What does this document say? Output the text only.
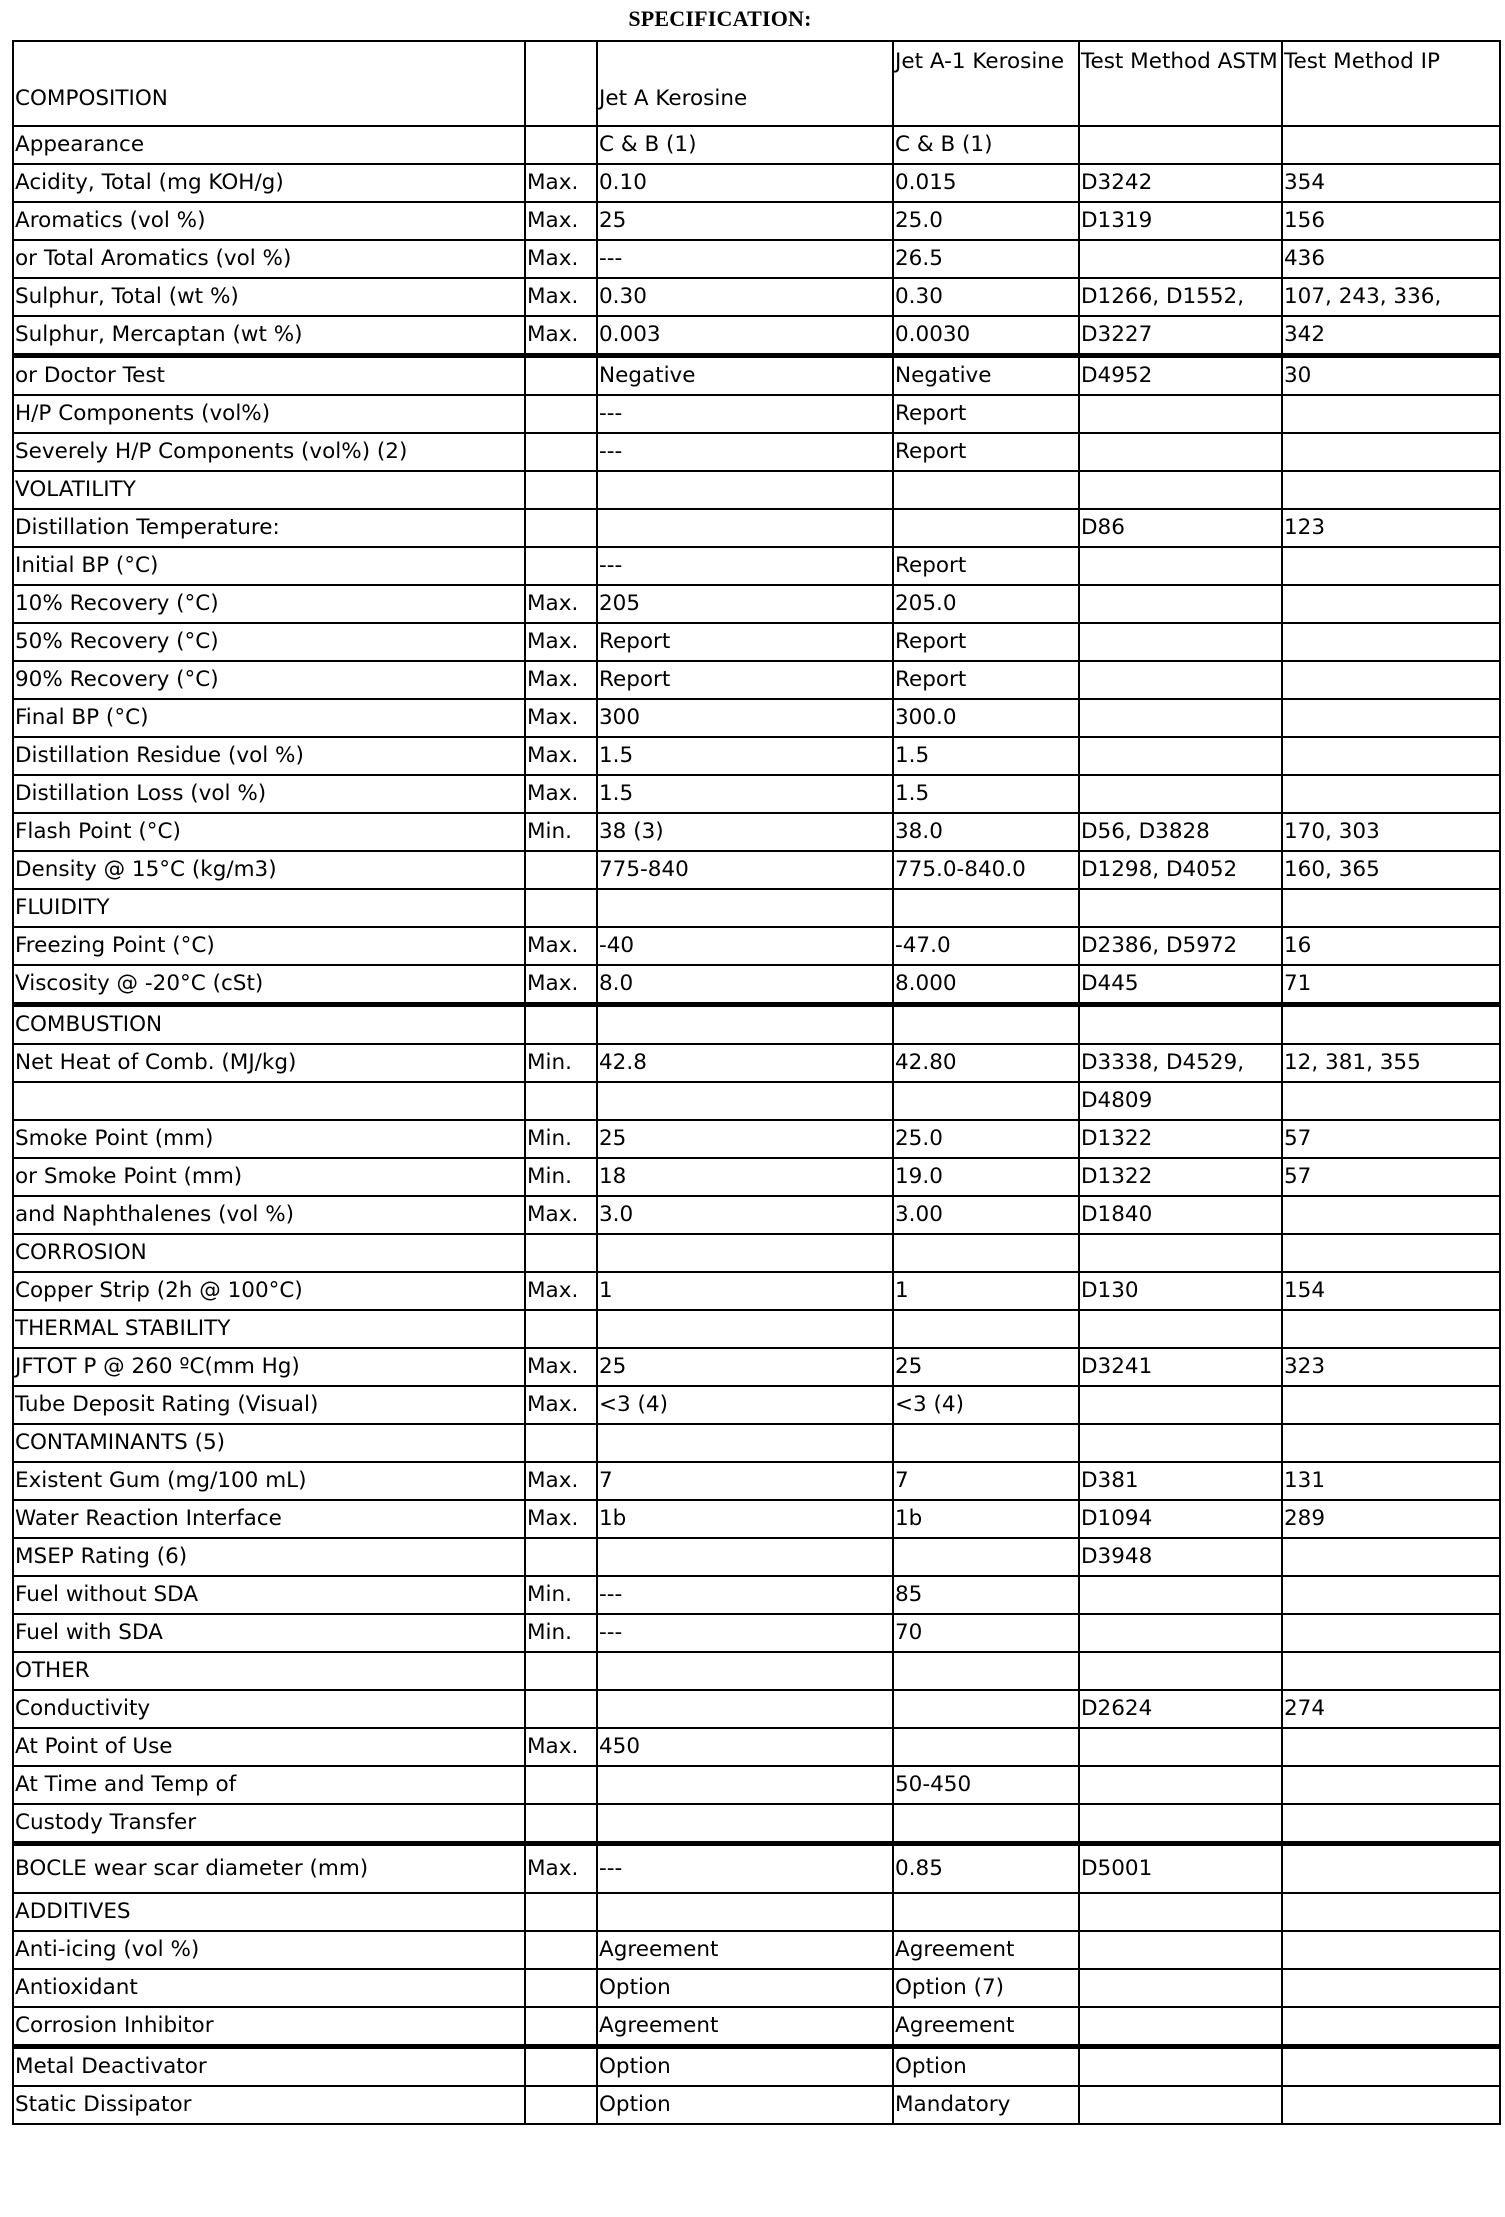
SPECIFICATION:
COMPOSITION		Jet A Kerosine	Jet A-1 Kerosine	Test Method ASTM	Test Method IP
Appearance		C & B (1)	C & B (1)		
Acidity, Total (mg KOH/g)	Max.	0.10	0.015	D3242	354
Aromatics (vol %)	Max.	25	25.0	D1319	156
or Total Aromatics (vol %)	Max.	---	26.5		436
Sulphur, Total (wt %)	Max.	0.30	0.30	D1266, D1552,	107, 243, 336,
Sulphur, Mercaptan (wt %)	Max.	0.003	0.0030	D3227	342
or Doctor Test		Negative	Negative	D4952	30
H/P Components (vol%)		---	Report		
Severely H/P Components (vol%) (2)		---	Report		
VOLATILITY					
Distillation Temperature:				D86	123
Initial BP (°C)		---	Report		
10% Recovery (°C)	Max.	205	205.0		
50% Recovery (°C)	Max.	Report	Report		
90% Recovery (°C)	Max.	Report	Report		
Final BP (°C)	Max.	300	300.0		
Distillation Residue (vol %)	Max.	1.5	1.5		
Distillation Loss (vol %)	Max.	1.5	1.5		
Flash Point (°C)	Min.	38 (3)	38.0	D56, D3828	170, 303
Density @ 15°C (kg/m3)		775-840	775.0-840.0	D1298, D4052	160, 365
FLUIDITY					
Freezing Point (°C)	Max.	-40	-47.0	D2386, D5972	16
Viscosity @ -20°C (cSt)	Max.	8.0	8.000	D445	71
COMBUSTION					
Net Heat of Comb. (MJ/kg)	Min.	42.8	42.80	D3338, D4529,	12, 381, 355
				D4809	
Smoke Point (mm)	Min.	25	25.0	D1322	57
or Smoke Point (mm)	Min.	18	19.0	D1322	57
and Naphthalenes (vol %)	Max.	3.0	3.00	D1840	
CORROSION					
Copper Strip (2h @ 100°C)	Max.	1	1	D130	154
THERMAL STABILITY					
JFTOT P @ 260 ºC(mm Hg)	Max.	25	25	D3241	323
Tube Deposit Rating (Visual)	Max.	<3 (4)	<3 (4)		
CONTAMINANTS (5)					
Existent Gum (mg/100 mL)	Max.	7	7	D381	131
Water Reaction Interface	Max.	1b	1b	D1094	289
MSEP Rating (6)				D3948	
Fuel without SDA	Min.	---	85		
Fuel with SDA	Min.	---	70		
OTHER					
Conductivity				D2624	274
At Point of Use	Max.	450			
At Time and Temp of			50-450		
Custody Transfer					
BOCLE wear scar diameter (mm)	Max.	---	0.85	D5001	
ADDITIVES					
Anti-icing (vol %)		Agreement	Agreement		
Antioxidant		Option	Option (7)		
Corrosion Inhibitor		Agreement	Agreement		
Metal Deactivator		Option	Option		
Static Dissipator		Option	Mandatory		
